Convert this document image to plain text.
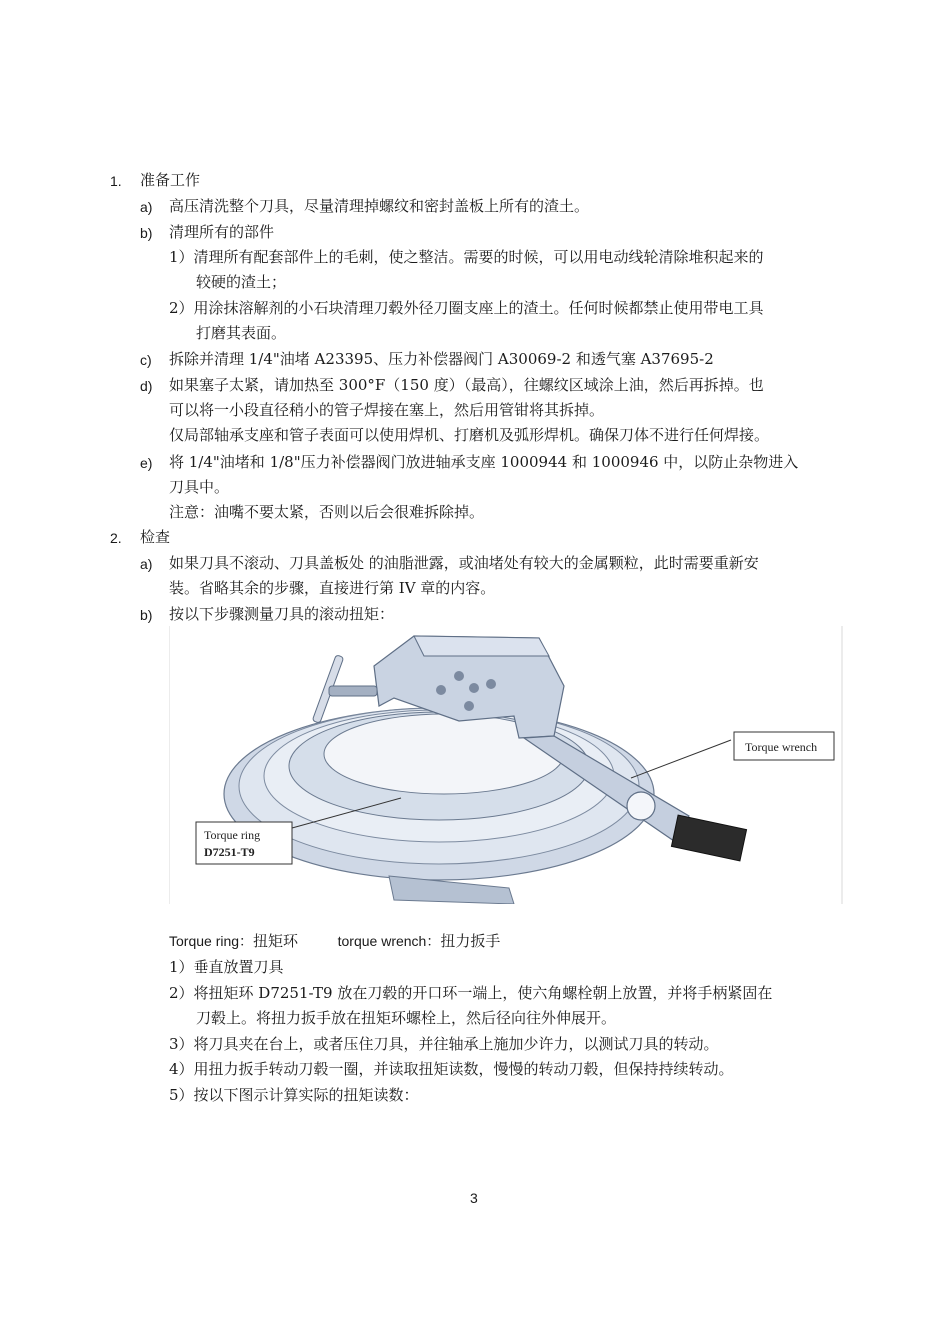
1. 准备工作
a) 高压清洗整个刀具，尽量清理掉螺纹和密封盖板上所有的渣土。
b) 清理所有的部件
1）清理所有配套部件上的毛刺，使之整洁。需要的时候，可以用电动线轮清除堆积起来的
较硬的渣土；
2）用涂抹溶解剂的小石块清理刀毂外径刀圈支座上的渣土。任何时候都禁止使用带电工具
打磨其表面。
c) 拆除并清理 1/4"油堵 A23395、压力补偿器阀门 A30069-2 和透气塞 A37695-2
d) 如果塞子太紧，请加热至 300°F（150 度）（最高），往螺纹区域涂上油，然后再拆掉。也
可以将一小段直径稍小的管子焊接在塞上，然后用管钳将其拆掉。
仅局部轴承支座和管子表面可以使用焊机、打磨机及弧形焊机。确保刀体不进行任何焊接。
e) 将 1/4"油堵和 1/8"压力补偿器阀门放进轴承支座 1000944 和 1000946 中，以防止杂物进入
刀具中。
注意：油嘴不要太紧，否则以后会很难拆除掉。
2. 检查
a) 如果刀具不滚动、刀具盖板处 的油脂泄露，或油堵处有较大的金属颗粒，此时需要重新安
装。省略其余的步骤，直接进行第 IV 章的内容。
b) 按以下步骤测量刀具的滚动扭矩：
Torque wrench
Torque ring
D7251-T9
Torque ring：扭矩环	torque wrench：扭力扳手
1）垂直放置刀具
2）将扭矩环 D7251-T9 放在刀毂的开口环一端上，使六角螺栓朝上放置，并将手柄紧固在
刀毂上。将扭力扳手放在扭矩环螺栓上，然后径向往外伸展开。
3）将刀具夹在台上，或者压住刀具，并往轴承上施加少许力，以测试刀具的转动。
4）用扭力扳手转动刀毂一圈，并读取扭矩读数，慢慢的转动刀毂，但保持持续转动。
5）按以下图示计算实际的扭矩读数：
3
